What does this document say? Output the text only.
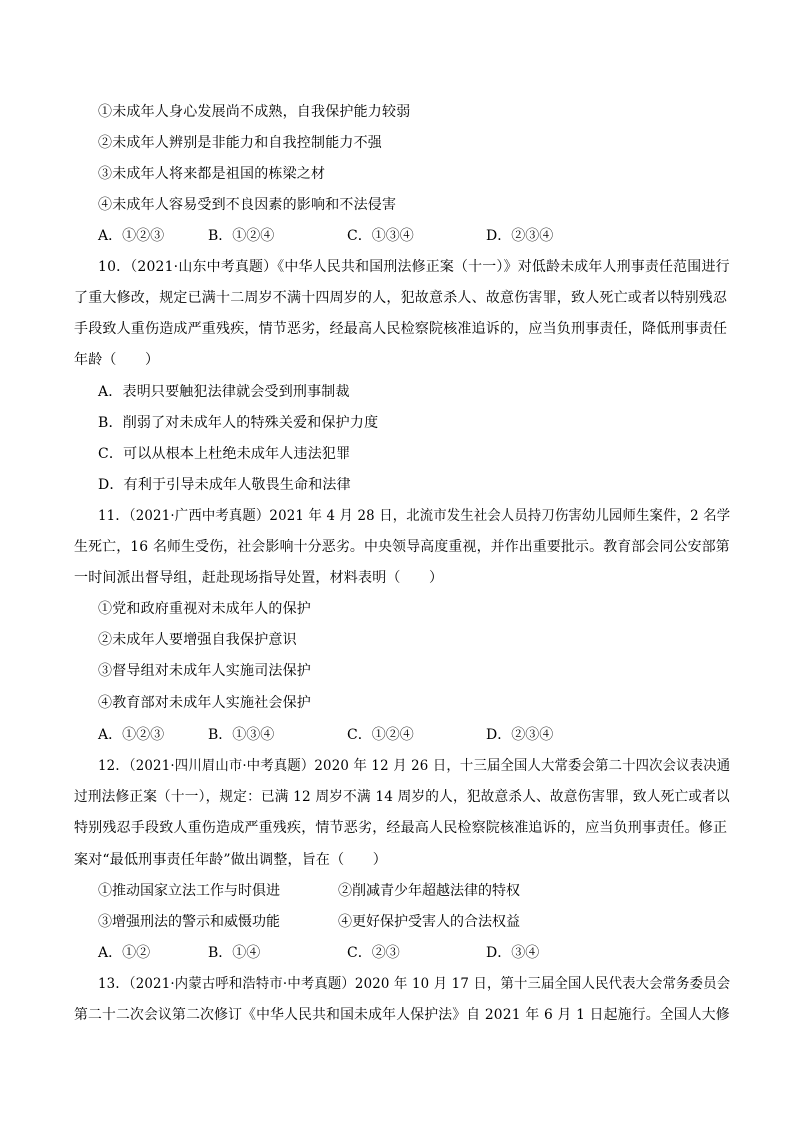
①未成年人身心发展尚不成熟，自我保护能力较弱
②未成年人辨别是非能力和自我控制能力不强
③未成年人将来都是祖国的栋梁之材
④未成年人容易受到不良因素的影响和不法侵害
A．①②③	B．①②④	C．①③④	D．②③④
10．（2021·山东中考真题）《中华人民共和国刑法修正案（十一）》对低龄未成年人刑事责任范围进行
了重大修改，规定已满十二周岁不满十四周岁的人，犯故意杀人、故意伤害罪，致人死亡或者以特别残忍
手段致人重伤造成严重残疾，情节恶劣，经最高人民检察院核准追诉的，应当负刑事责任，降低刑事责任
年龄（　　）
A．表明只要触犯法律就会受到刑事制裁
B．削弱了对未成年人的特殊关爱和保护力度
C．可以从根本上杜绝未成年人违法犯罪
D．有利于引导未成年人敬畏生命和法律
11．（2021·广西中考真题）2021 年 4 月 28 日，北流市发生社会人员持刀伤害幼儿园师生案件，2 名学
生死亡，16 名师生受伤，社会影响十分恶劣。中央领导高度重视，并作出重要批示。教育部会同公安部第
一时间派出督导组，赶赴现场指导处置，材料表明（　　）
①党和政府重视对未成年人的保护
②未成年人要增强自我保护意识
③督导组对未成年人实施司法保护
④教育部对未成年人实施社会保护
A．①②③	B．①③④	C．①②④	D．②③④
12．（2021·四川眉山市·中考真题）2020 年 12 月 26 日，十三届全国人大常委会第二十四次会议表决通
过刑法修正案（十一），规定：已满 12 周岁不满 14 周岁的人，犯故意杀人、故意伤害罪，致人死亡或者以
特别残忍手段致人重伤造成严重残疾，情节恶劣，经最高人民检察院核准追诉的，应当负刑事责任。修正
案对“最低刑事责任年龄”做出调整，旨在（　　）
①推动国家立法工作与时俱进	②削减青少年超越法律的特权
③增强刑法的警示和威慑功能	④更好保护受害人的合法权益
A．①②	B．①④	C．②③	D．③④
13．（2021·内蒙古呼和浩特市·中考真题）2020 年 10 月 17 日，第十三届全国人民代表大会常务委员会
第二十二次会议第二次修订《中华人民共和国未成年人保护法》自 2021 年 6 月 1 日起施行。全国人大修
